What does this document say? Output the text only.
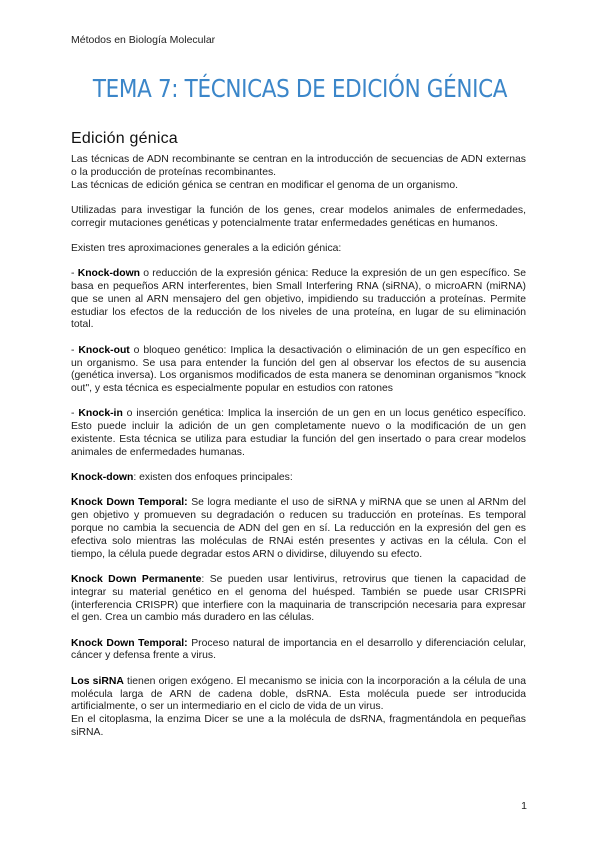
Métodos en Biología Molecular
TEMA 7: TÉCNICAS DE EDICIÓN GÉNICA
Edición génica

Las técnicas de ADN recombinante se centran en la introducción de secuencias de ADN externas o la producción de proteínas recombinantes.
Las técnicas de edición génica se centran en modificar el genoma de un organismo.

Utilizadas para investigar la función de los genes, crear modelos animales de enfermedades, corregir mutaciones genéticas y potencialmente tratar enfermedades genéticas en humanos.

Existen tres aproximaciones generales a la edición génica:

- Knock-down o reducción de la expresión génica: Reduce la expresión de un gen específico. Se basa en pequeños ARN interferentes, bien Small Interfering RNA (siRNA), o microARN (miRNA) que se unen al ARN mensajero del gen objetivo, impidiendo su traducción a proteínas. Permite estudiar los efectos de la reducción de los niveles de una proteína, en lugar de su eliminación total.

- Knock-out o bloqueo genético: Implica la desactivación o eliminación de un gen específico en un organismo. Se usa para entender la función del gen al observar los efectos de su ausencia (genética inversa). Los organismos modificados de esta manera se denominan organismos "knock out", y esta técnica es especialmente popular en estudios con ratones

- Knock-in o inserción genética: Implica la inserción de un gen en un locus genético específico. Esto puede incluir la adición de un gen completamente nuevo o la modificación de un gen existente. Esta técnica se utiliza para estudiar la función del gen insertado o para crear modelos animales de enfermedades humanas.

Knock-down: existen dos enfoques principales:

Knock Down Temporal: Se logra mediante el uso de siRNA y miRNA que se unen al ARNm del gen objetivo y promueven su degradación o reducen su traducción en proteínas. Es temporal porque no cambia la secuencia de ADN del gen en sí. La reducción en la expresión del gen es efectiva solo mientras las moléculas de RNAi estén presentes y activas en la célula. Con el tiempo, la célula puede degradar estos ARN o dividirse, diluyendo su efecto.

Knock Down Permanente: Se pueden usar lentivirus, retrovirus que tienen la capacidad de integrar su material genético en el genoma del huésped. También se puede usar CRISPRi (interferencia CRISPR) que interfiere con la maquinaria de transcripción necesaria para expresar el gen. Crea un cambio más duradero en las células.

Knock Down Temporal: Proceso natural de importancia en el desarrollo y diferenciación celular, cáncer y defensa frente a virus.

Los siRNA tienen origen exógeno. El mecanismo se inicia con la incorporación a la célula de una molécula larga de ARN de cadena doble, dsRNA. Esta molécula puede ser introducida artificialmente, o ser un intermediario en el ciclo de vida de un virus.
En el citoplasma, la enzima Dicer se une a la molécula de dsRNA, fragmentándola en pequeñas siRNA.

1
